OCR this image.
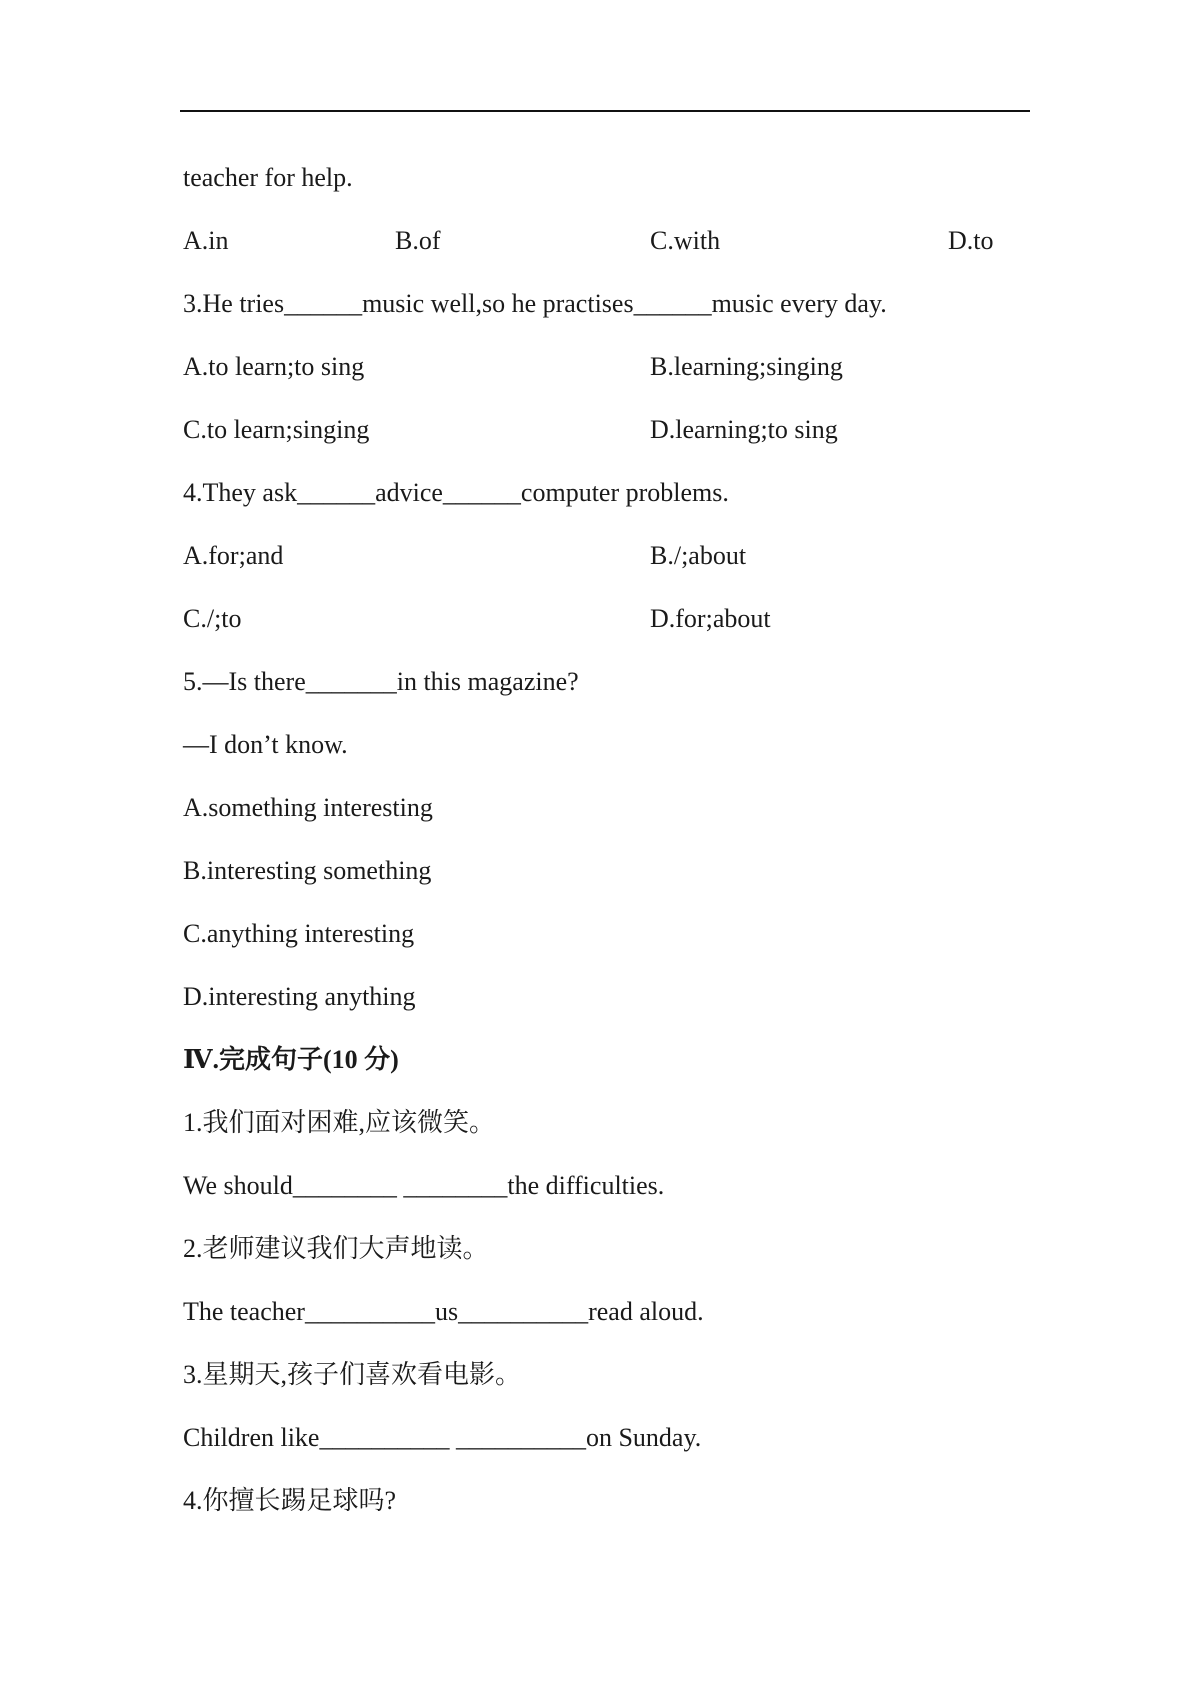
teacher for help.
A.in	B.of	C.with	D.to
3.He tries______music well,so he practises______music every day.
A.to learn;to sing	B.learning;singing
C.to learn;singing	D.learning;to sing
4.They ask______advice______computer problems.
A.for;and	B./;about
C./;to	D.for;about
5.—Is there_______in this magazine?
—I don’t know.
A.something interesting
B.interesting something
C.anything interesting
D.interesting anything
Ⅳ.完成句子(10 分)
1.我们面对困难,应该微笑。
We should________ ________the difficulties.
2.老师建议我们大声地读。
The teacher__________us__________read aloud.
3.星期天,孩子们喜欢看电影。
Children like__________ __________on Sunday.
4.你擅长踢足球吗?
